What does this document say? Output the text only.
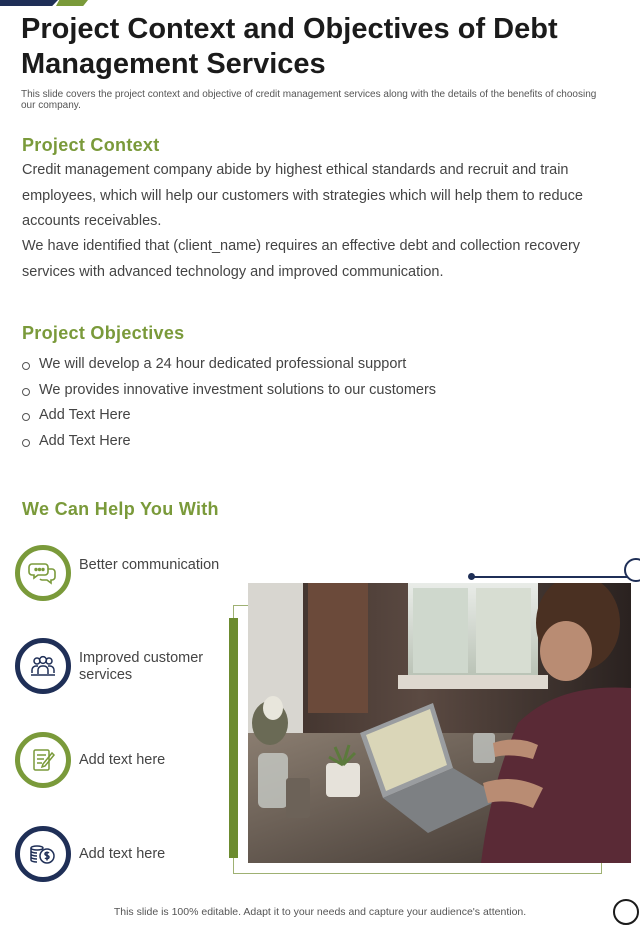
Project Context and Objectives of Debt Management Services
This slide covers the project context and objective of credit management services along with the details of the benefits of choosing our company.
Project Context
Credit management company abide by highest ethical standards and recruit and train employees, which will help our customers with strategies which will help them to reduce accounts receivables.
We have identified that (client_name) requires an effective debt and collection recovery services with advanced technology and improved communication.
Project Objectives
We will develop a 24 hour dedicated professional support
We provides innovative investment solutions to our customers
Add Text Here
Add Text Here
We Can Help You With
Better communication
Improved customer services
Add text here
Add text here
This slide is 100% editable. Adapt it to your needs and capture your audience's attention.
